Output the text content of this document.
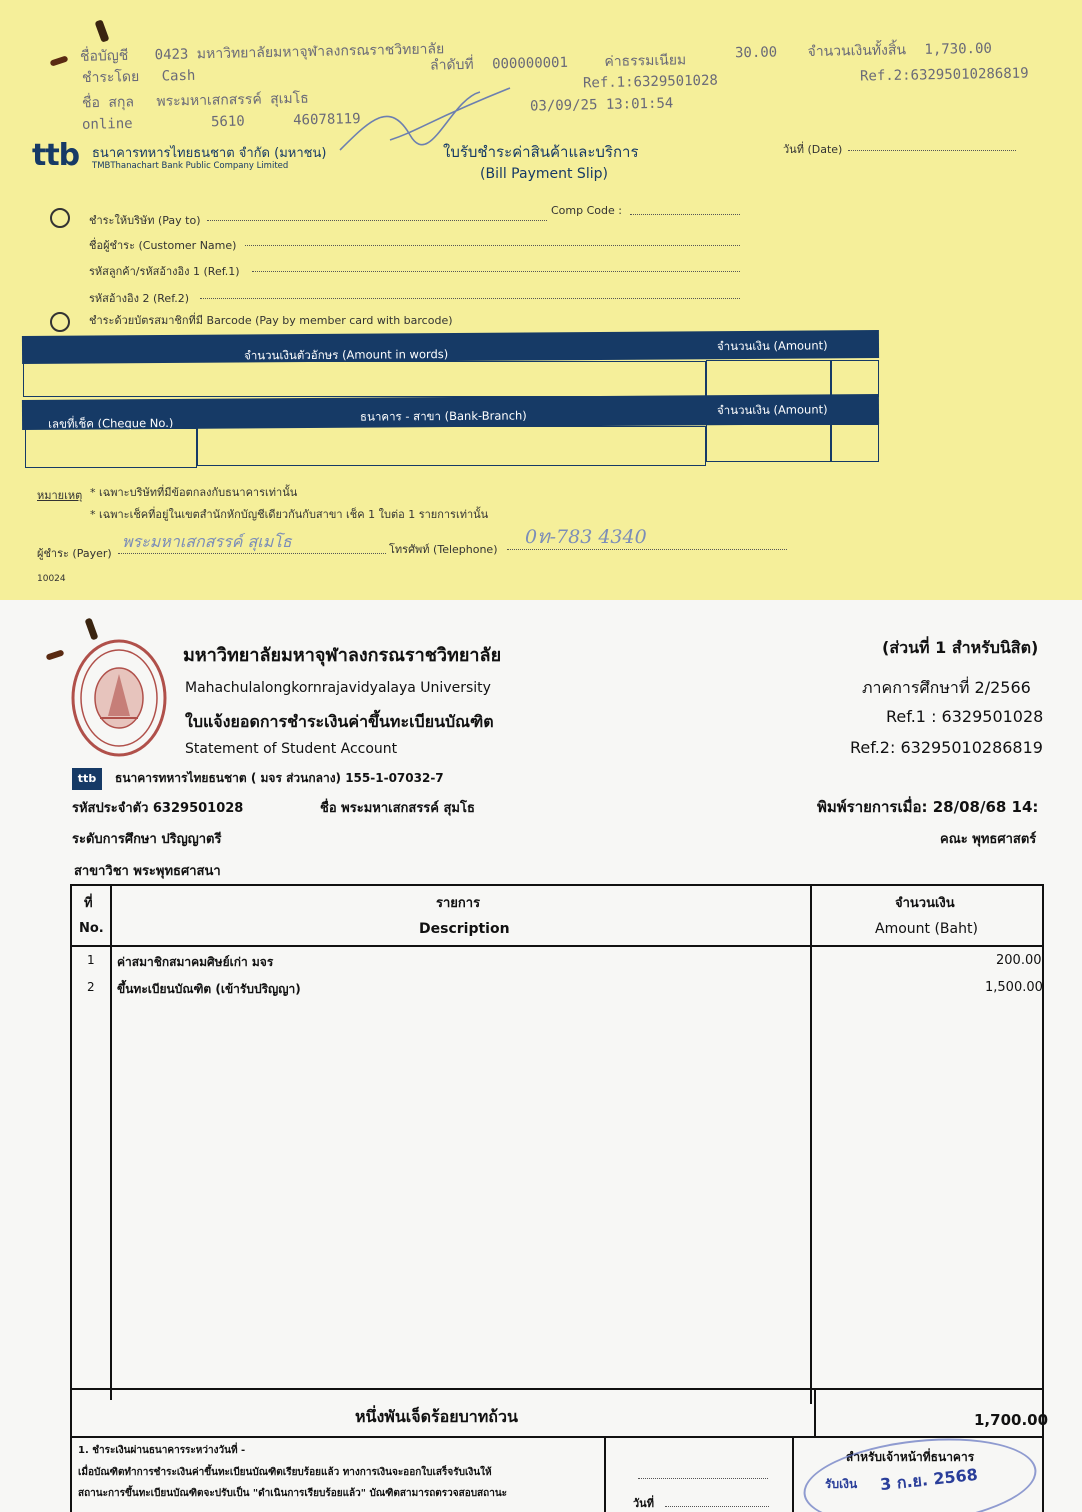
ชื่อบัญชี 0423 มหาวิทยาลัยมหาจุฬาลงกรณราชวิทยาลัย
ชำระโดย Cash
ชื่อ สกุล พระมหาเสกสรรค์ สุเมโธ
online	5610	46078119
ลำดับที่ 000000001	ค่าธรรมเนียม	30.00 จำนวนเงินทั้งสิ้น 1,730.00
Ref.1:6329501028	Ref.2:63295010286819
03/09/25 13:01:54
ttb ธนาคารทหารไทยธนชาต จำกัด (มหาชน)
TMBThanachart Bank Public Company Limited
ใบรับชำระค่าสินค้าและบริการ
(Bill Payment Slip)
วันที่ (Date)
ชำระให้บริษัท (Pay to)
Comp Code :
ชื่อผู้ชำระ (Customer Name)
รหัสลูกค้า/รหัสอ้างอิง 1 (Ref.1)
รหัสอ้างอิง 2 (Ref.2)
ชำระด้วยบัตรสมาชิกที่มี Barcode (Pay by member card with barcode)
จำนวนเงินตัวอักษร (Amount in words)
จำนวนเงิน (Amount)
เลขที่เช็ค (Cheque No.)	ธนาคาร - สาขา (Bank-Branch)	จำนวนเงิน (Amount)
หมายเหตุ * เฉพาะบริษัทที่มีข้อตกลงกับธนาคารเท่านั้น
* เฉพาะเช็คที่อยู่ในเขตสำนักหักบัญชีเดียวกันกับสาขา เช็ค 1 ใบต่อ 1 รายการเท่านั้น
ผู้ชำระ (Payer)
พระมหาเสกสรรค์ สุเมโธ	โทรศัพท์ (Telephone)
0ท-783 4340
10024
มหาวิทยาลัยมหาจุฬาลงกรณราชวิทยาลัย
Mahachulalongkornrajavidyalaya University
ใบแจ้งยอดการชำระเงินค่าขึ้นทะเบียนบัณฑิต
Statement of Student Account
(ส่วนที่ 1 สำหรับนิสิต)
ภาคการศึกษาที่ 2/2566
Ref.1 : 6329501028
Ref.2: 63295010286819
ttb	ธนาคารทหารไทยธนชาต ( มจร ส่วนกลาง) 155-1-07032-7
รหัสประจำตัว 6329501028	ชื่อ พระมหาเสกสรรค์ สุมโธ	พิมพ์รายการเมื่อ: 28/08/68 14:
ระดับการศึกษา ปริญญาตรี	คณะ พุทธศาสตร์
สาขาวิชา พระพุทธศาสนา
ที่
No.
รายการ
Description
จำนวนเงิน
Amount (Baht)
1 ค่าสมาชิกสมาคมศิษย์เก่า มจร	200.00
2 ขึ้นทะเบียนบัณฑิต (เข้ารับปริญญา)	1,500.00
หนึ่งพันเจ็ดร้อยบาทถ้วน	1,700.00
1. ชำระเงินผ่านธนาคารระหว่างวันที่ -
เมื่อบัณฑิตทำการชำระเงินค่าขึ้นทะเบียนบัณฑิตเรียบร้อยแล้ว ทางการเงินจะออกใบเสร็จรับเงินให้
สถานะการขึ้นทะเบียนบัณฑิตจะปรับเป็น "ดำเนินการเรียบร้อยแล้ว" บัณฑิตสามารถตรวจสอบสถานะ
วันที่
สำหรับเจ้าหน้าที่ธนาคาร
รับเงิน 3 ก.ย. 2568
